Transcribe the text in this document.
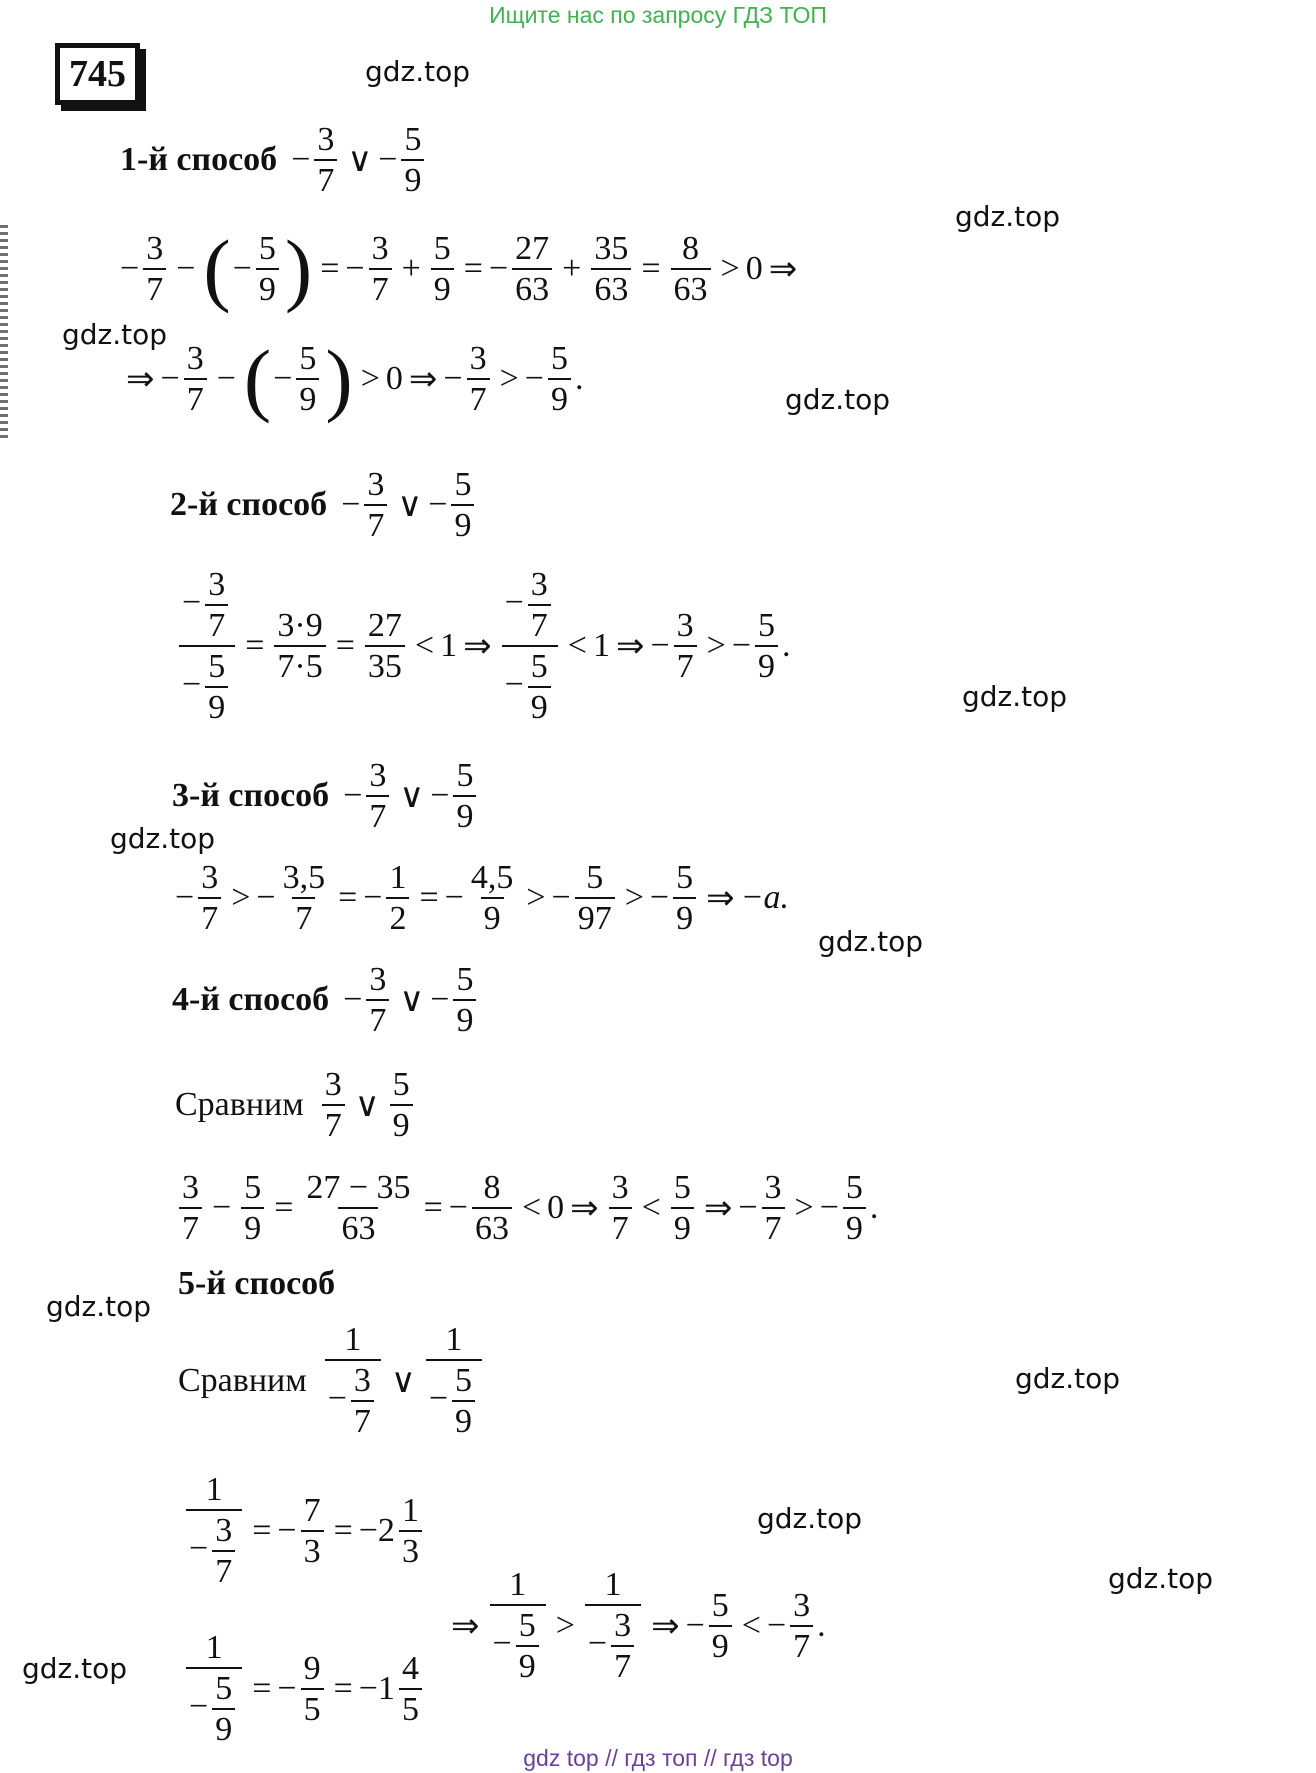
Ищите нас по запросу ГДЗ ТОП
745	gdz.top
gdz.top
gdz.top
gdz.top
gdz.top
gdz.top
gdz.top
gdz.top
gdz.top
gdz.top
gdz.top
gdz.top
1-й способ − $\frac{3}{7}$ ∨ − $\frac{5}{9}$
− $\frac{3}{7}$ − ( − $\frac{5}{9}$ ) = − $\frac{3}{7} + \frac{5}{9}$ = − $\frac{27}{63} + \frac{35}{63} = \frac{8}{63} > 0$ ⇒
⇒ − $\frac{3}{7}$ − ( − $\frac{5}{9}$ ) > 0 ⇒ − $\frac{3}{7}$ > − $\frac{5}{9}$ .
2-й способ − $\frac{3}{7}$ ∨ − $\frac{5}{9}$
$\frac{- \frac{3}{7}}{- \frac{5}{9}} = \frac{3\cdot 9}{7\cdot 5} = \frac{27}{35} < 1$ ⇒ $\frac{- \frac{3}{7}}{- \frac{5}{9}} < 1$ ⇒ − $\frac{3}{7}$ > − $\frac{5}{9}$ .
3-й способ − $\frac{3}{7}$ ∨ − $\frac{5}{9}$
− $\frac{3}{7}$ > − $\frac{3,5}{7}$ = − $\frac{1}{2}$ = − $\frac{4,5}{9}$ > − $\frac{5}{97}$ > − $\frac{5}{9}$ ⇒ −a.
4-й способ − $\frac{3}{7}$ ∨ − $\frac{5}{9}$
Сравним $\frac{3}{7}$ ∨ $\frac{5}{9}$
$\frac{3}{7} - \frac{5}{9} = \frac{27 - 35}{63}$ = − $\frac{8}{63} < 0$ ⇒ $\frac{3}{7} < \frac{5}{9}$ ⇒ − $\frac{3}{7}$ > − $\frac{5}{9}$ .
5-й способ
Сравним $\frac{1}{- \frac{3}{7}}$ ∨ $\frac{1}{- \frac{5}{9}}$
$\frac{1}{- \frac{3}{7}}$ = − $\frac{7}{3} = -2 \frac{1}{3}$
$\frac{1}{- \frac{5}{9}}$ = − $\frac{9}{5} = -1 \frac{4}{5}$
⇒ $\frac{1}{- \frac{5}{9}} > \frac{1}{- \frac{3}{7}}$ ⇒ − $\frac{5}{9}$ < − $\frac{3}{7}$ .
gdz top // гдз топ // гдз top
